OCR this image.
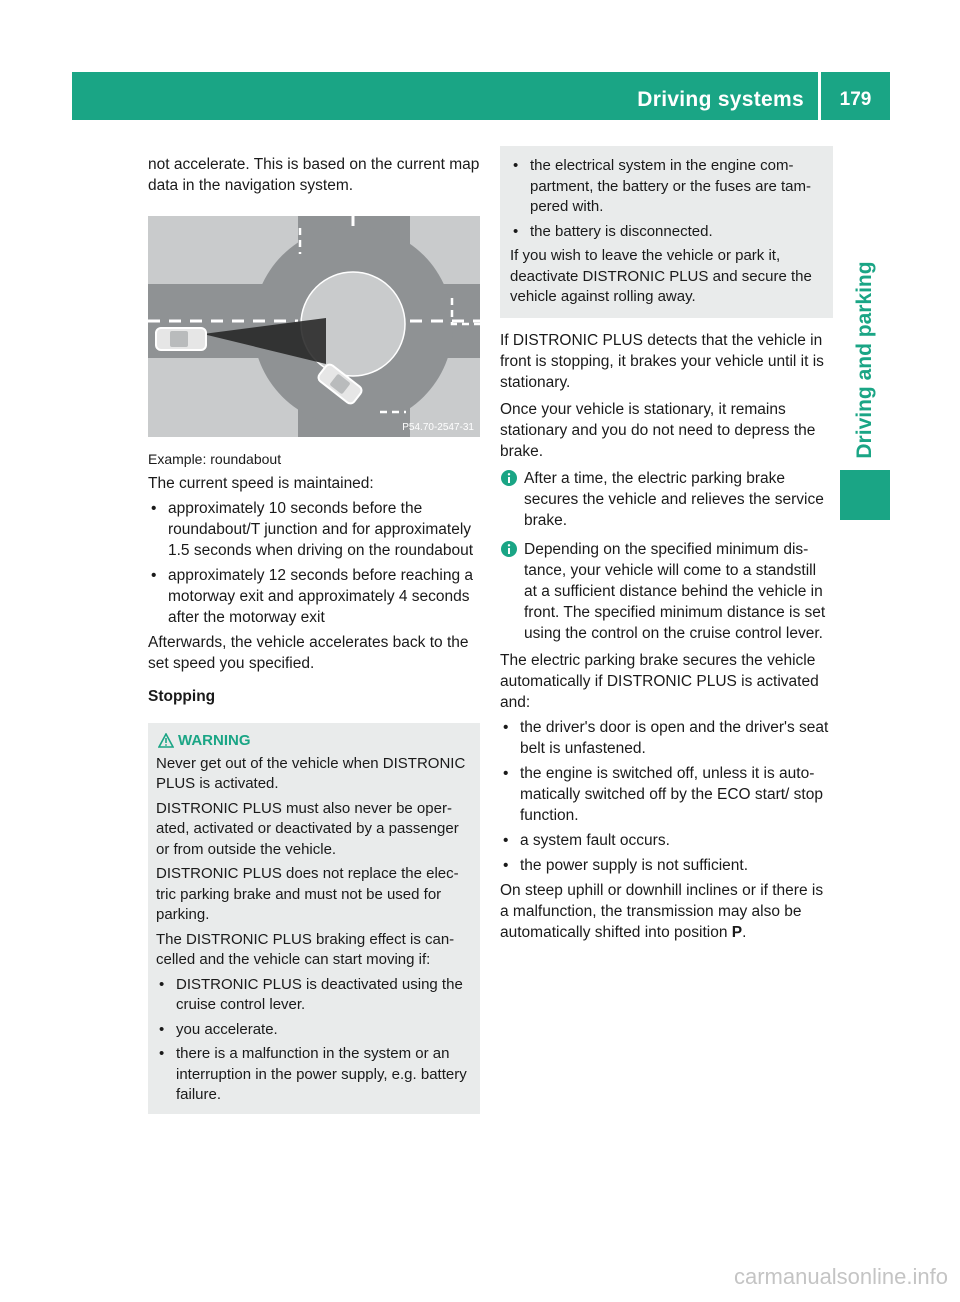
Driving systems	179
Driving and parking

not accelerate. This is based on the current map data in the navigation system.

P54.70-2547-31

Example: roundabout

The current speed is maintained:

• approximately 10 seconds before the roundabout/T junction and for approximately 1.5 seconds when driving on the roundabout
• approximately 12 seconds before reaching a motorway exit and approximately 4 seconds after the motorway exit

Afterwards, the vehicle accelerates back to the set speed you specified.

Stopping

WARNING

Never get out of the vehicle when DISTRONIC PLUS is activated.

DISTRONIC PLUS must also never be operated, activated or deactivated by a passenger or from outside the vehicle.

DISTRONIC PLUS does not replace the electric parking brake and must not be used for parking.

The DISTRONIC PLUS braking effect is cancelled and the vehicle can start moving if:

• DISTRONIC PLUS is deactivated using the cruise control lever.
• you accelerate.
• there is a malfunction in the system or an interruption in the power supply, e.g. battery failure.
• the electrical system in the engine compartment, the battery or the fuses are tampered with.
• the battery is disconnected.

If you wish to leave the vehicle or park it, deactivate DISTRONIC PLUS and secure the vehicle against rolling away.

If DISTRONIC PLUS detects that the vehicle in front is stopping, it brakes your vehicle until it is stationary.

Once your vehicle is stationary, it remains stationary and you do not need to depress the brake.

After a time, the electric parking brake secures the vehicle and relieves the service brake.
Depending on the specified minimum distance, your vehicle will come to a standstill at a sufficient distance behind the vehicle in front. The specified minimum distance is set using the control on the cruise control lever.

The electric parking brake secures the vehicle automatically if DISTRONIC PLUS is activated and:

• the driver's door is open and the driver's seat belt is unfastened.
• the engine is switched off, unless it is automatically switched off by the ECO start/ stop function.
• a system fault occurs.
• the power supply is not sufficient.

On steep uphill or downhill inclines or if there is a malfunction, the transmission may also be automatically shifted into position P.

carmanualsonline.info
